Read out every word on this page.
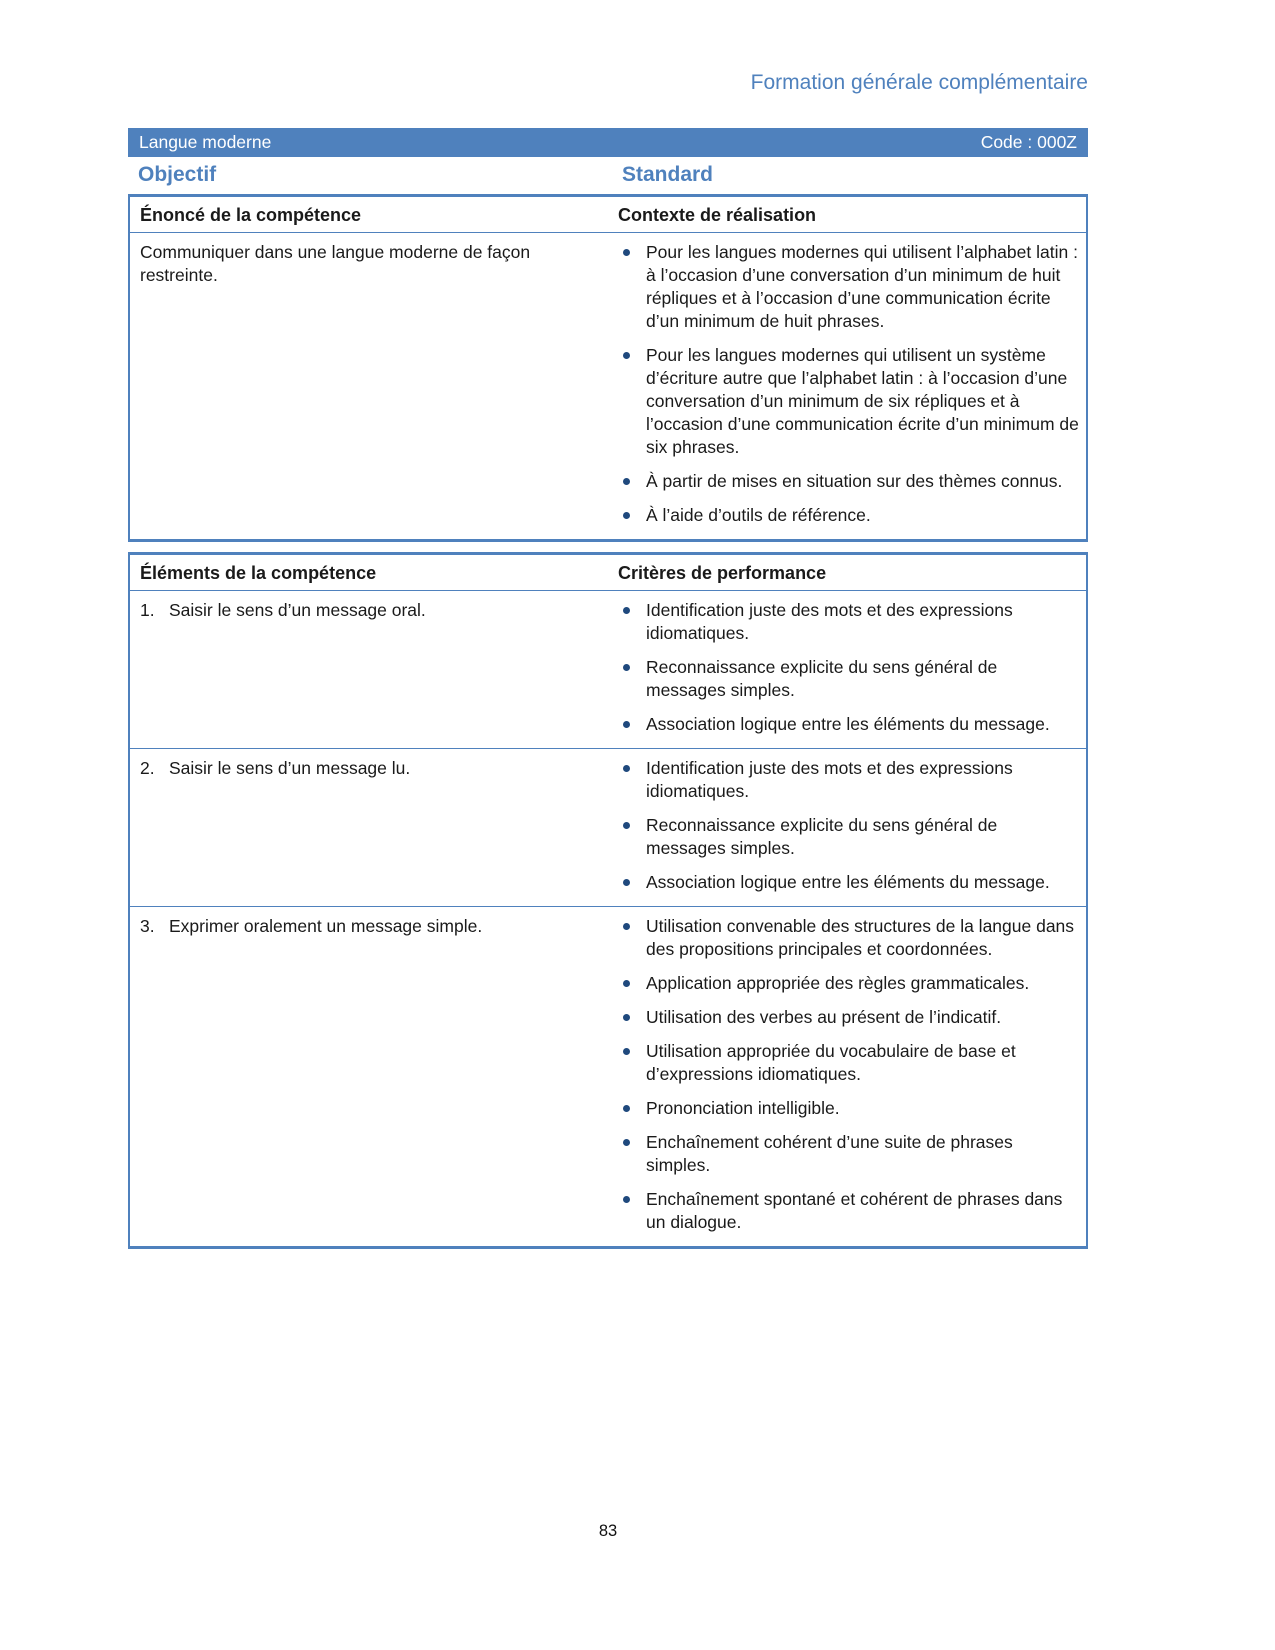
Formation générale complémentaire
Langue moderne	Code : 000Z
Objectif	Standard
Énoncé de la compétence	Contexte de réalisation
Communiquer dans une langue moderne de façon restreinte.
Pour les langues modernes qui utilisent l’alphabet latin : à l’occasion d’une conversation d’un minimum de huit répliques et à l’occasion d’une communication écrite d’un minimum de huit phrases.
Pour les langues modernes qui utilisent un système d’écriture autre que l’alphabet latin : à l’occasion d’une conversation d’un minimum de six répliques et à l’occasion d’une communication écrite d’un minimum de six phrases.
À partir de mises en situation sur des thèmes connus.
À l’aide d’outils de référence.
Éléments de la compétence	Critères de performance
1. Saisir le sens d’un message oral.	Identification juste des mots et des expressions idiomatiques.
Reconnaissance explicite du sens général de messages simples.
Association logique entre les éléments du message.
2. Saisir le sens d’un message lu.	Identification juste des mots et des expressions idiomatiques.
Reconnaissance explicite du sens général de messages simples.
Association logique entre les éléments du message.
3. Exprimer oralement un message simple.	Utilisation convenable des structures de la langue dans des propositions principales et coordonnées.
Application appropriée des règles grammaticales.
Utilisation des verbes au présent de l’indicatif.
Utilisation appropriée du vocabulaire de base et d’expressions idiomatiques.
Prononciation intelligible.
Enchaînement cohérent d’une suite de phrases simples.
Enchaînement spontané et cohérent de phrases dans un dialogue.
83
